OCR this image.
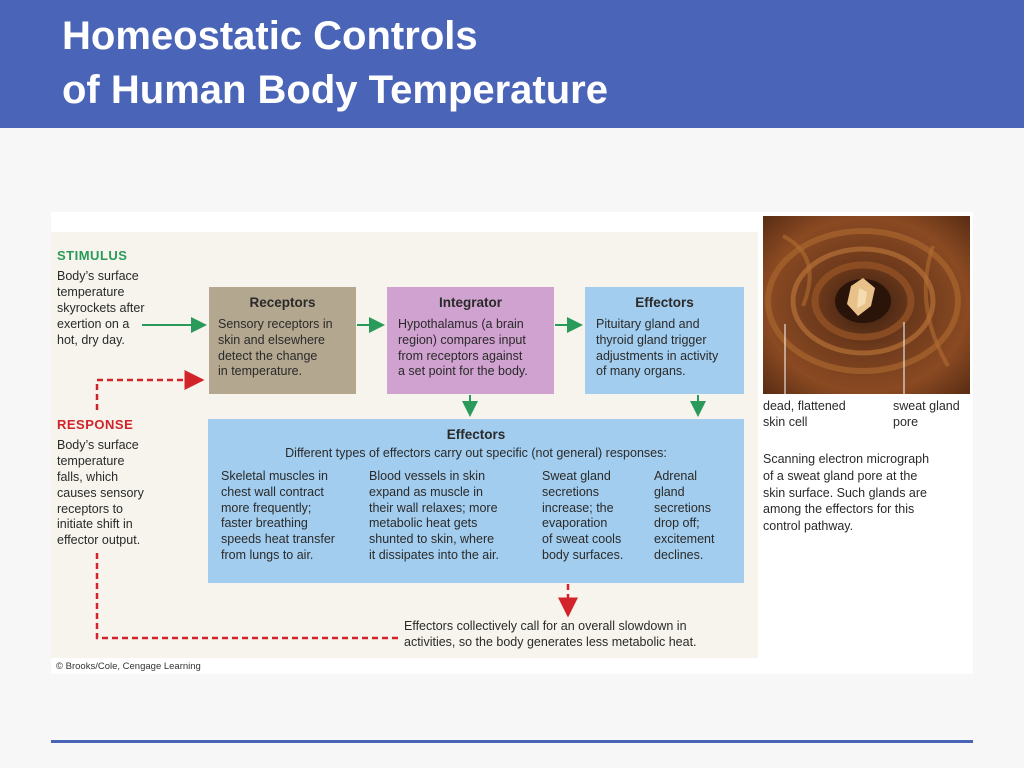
Homeostatic Controls
of Human Body Temperature
STIMULUS
Body’s surface
temperature
skyrockets after
exertion on a
hot, dry day.
RESPONSE
Body’s surface
temperature
falls, which
causes sensory
receptors to
initiate shift in
effector output.
Receptors
Sensory receptors in
skin and elsewhere
detect the change
in temperature.
Integrator
Hypothalamus (a brain
region) compares input
from receptors against
a set point for the body.
Effectors
Pituitary gland and
thyroid gland trigger
adjustments in activity
of many organs.
Effectors
Different types of effectors carry out specific (not general) responses:
Skeletal muscles in
chest wall contract
more frequently;
faster breathing
speeds heat transfer
from lungs to air.
Blood vessels in skin
expand as muscle in
their wall relaxes; more
metabolic heat gets
shunted to skin, where
it dissipates into the air.
Sweat gland
secretions
increase; the
evaporation
of sweat cools
body surfaces.
Adrenal
gland
secretions
drop off;
excitement
declines.
Effectors collectively call for an overall slowdown in
activities, so the body generates less metabolic heat.
dead, flattened
skin cell
sweat gland
pore
Scanning electron micrograph
of a sweat gland pore at the
skin surface. Such glands are
among the effectors for this
control pathway.
© Brooks/Cole, Cengage Learning
